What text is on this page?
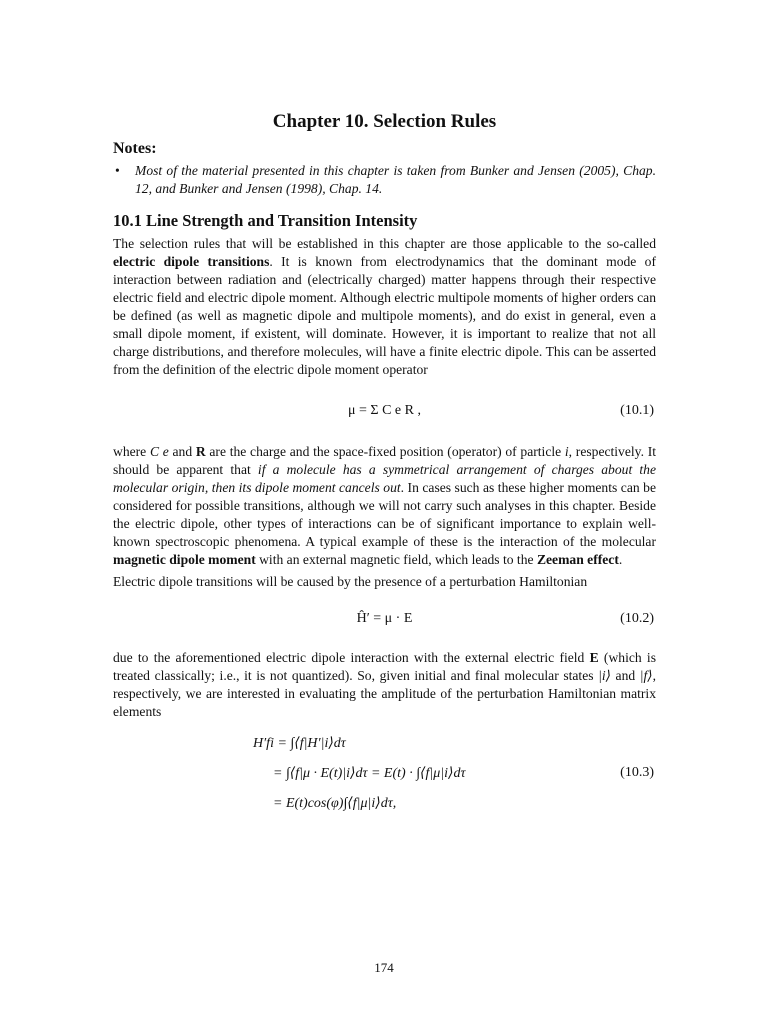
Chapter 10. Selection Rules
Notes:
• Most of the material presented in this chapter is taken from Bunker and Jensen (2005), Chap. 12, and Bunker and Jensen (1998), Chap. 14.
10.1 Line Strength and Transition Intensity

The selection rules that will be established in this chapter are those applicable to the so-called electric dipole transitions. It is known from electrodynamics that the dominant mode of interaction between radiation and (electrically charged) matter happens through their respective electric field and electric dipole moment. Although electric multipole moments of higher orders can be defined (as well as magnetic dipole and multipole moments), and do exist in general, even a small dipole moment, if existent, will dominate. However, it is important to realize that not all charge distributions, and therefore molecules, will have a finite electric dipole. This can be asserted from the definition of the electric dipole moment operator

μ = Σ C e R ,	(10.1)

where C e and R are the charge and the space-fixed position (operator) of particle i, respectively. It should be apparent that if a molecule has a symmetrical arrangement of charges about the molecular origin, then its dipole moment cancels out. In cases such as these higher moments can be considered for possible transitions, although we will not carry such analyses in this chapter. Beside the electric dipole, other types of interactions can be of significant importance to explain well-known spectroscopic phenomena. A typical example of these is the interaction of the molecular magnetic dipole moment with an external magnetic field, which leads to the Zeeman effect.

Electric dipole transitions will be caused by the presence of a perturbation Hamiltonian

Ĥ′ = μ · E	(10.2)

due to the aforementioned electric dipole interaction with the external electric field E (which is treated classically; i.e., it is not quantized). So, given initial and final molecular states |i⟩ and |f⟩, respectively, we are interested in evaluating the amplitude of the perturbation Hamiltonian matrix elements

H′fi = ∫⟨f|H′|i⟩dτ
= ∫⟨f|μ · E(t)|i⟩dτ = E(t) · ∫⟨f|μ|i⟩dτ
= E(t)cos(φ)∫⟨f|μ|i⟩dτ,
(10.3)
174
